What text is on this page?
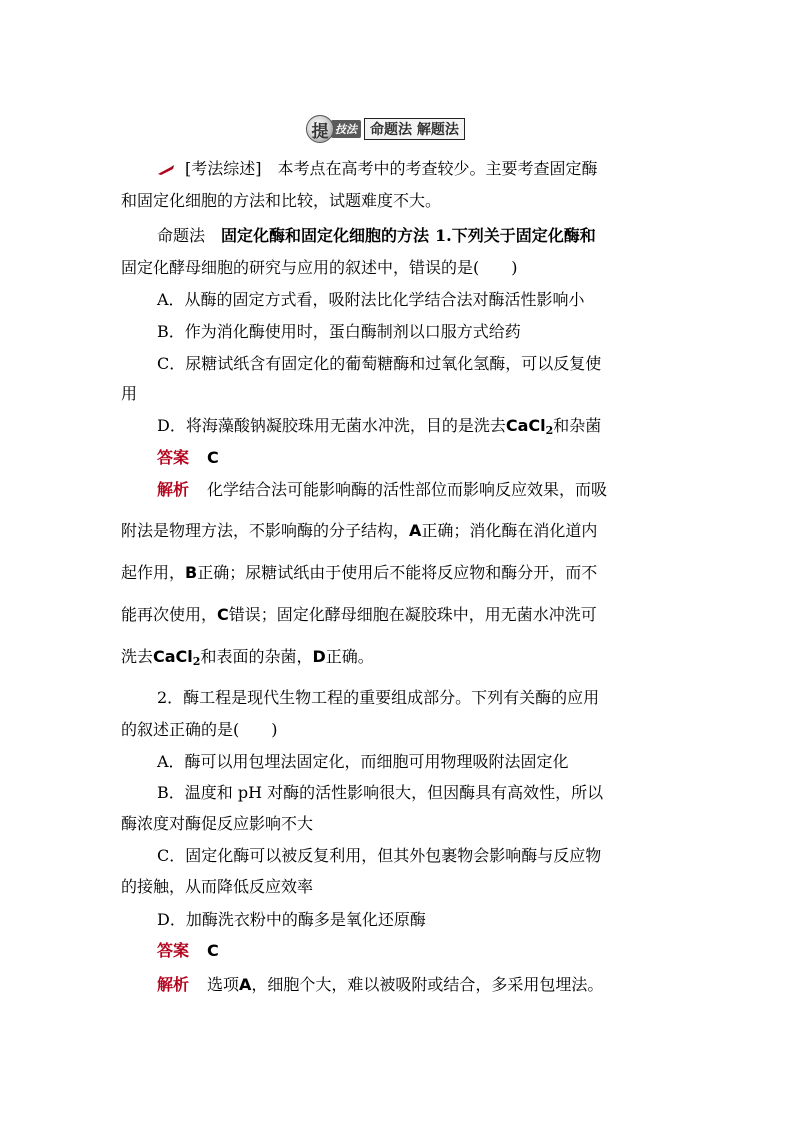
提 技法 命题法 解题法
[考法综述] 本考点在高考中的考查较少。主要考查固定酶
和固定化细胞的方法和比较，试题难度不大。
命题法 固定化酶和固定化细胞的方法 1.下列关于固定化酶和
固定化酵母细胞的研究与应用的叙述中，错误的是(　　)
A．从酶的固定方式看，吸附法比化学结合法对酶活性影响小
B．作为消化酶使用时，蛋白酶制剂以口服方式给药
C．尿糖试纸含有固定化的葡萄糖酶和过氧化氢酶，可以反复使
用
D．将海藻酸钠凝胶珠用无菌水冲洗，目的是洗去CaCl$_2$和杂菌
答案 C
解析 化学结合法可能影响酶的活性部位而影响反应效果，而吸
附法是物理方法，不影响酶的分子结构，A正确；消化酶在消化道内
起作用，B正确；尿糖试纸由于使用后不能将反应物和酶分开，而不
能再次使用，C错误；固定化酵母细胞在凝胶珠中，用无菌水冲洗可
洗去CaCl$_2$和表面的杂菌，D正确。
2．酶工程是现代生物工程的重要组成部分。下列有关酶的应用
的叙述正确的是(　　)
A．酶可以用包埋法固定化，而细胞可用物理吸附法固定化
B．温度和 pH 对酶的活性影响很大，但因酶具有高效性，所以
酶浓度对酶促反应影响不大
C．固定化酶可以被反复利用，但其外包裹物会影响酶与反应物
的接触，从而降低反应效率
D．加酶洗衣粉中的酶多是氧化还原酶
答案 C
解析 选项A，细胞个大，难以被吸附或结合，多采用包埋法。
